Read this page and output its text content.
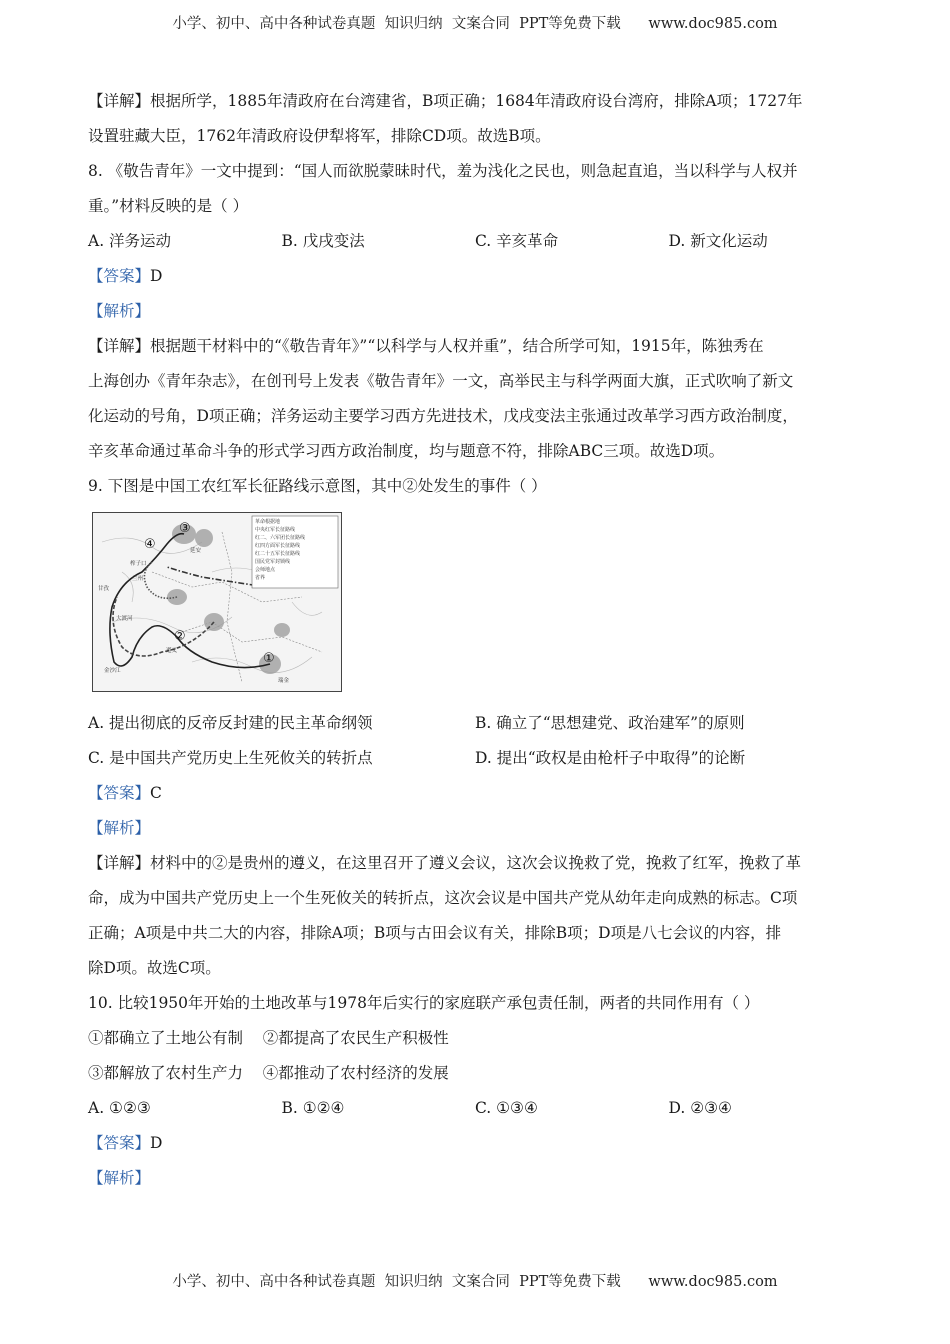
小学、初中、高中各种试卷真题  知识归纳  文案合同  PPT等免费下载      www.doc985.com
【详解】根据所学，1885年清政府在台湾建省，B项正确；1684年清政府设台湾府，排除A项；1727年
设置驻藏大臣，1762年清政府设伊犁将军，排除CD项。故选B项。
8. 《敬告青年》一文中提到：“国人而欲脱蒙昧时代，羞为浅化之民也，则急起直追，当以科学与人权并
重。”材料反映的是（ ）
A. 洋务运动	B. 戊戌变法	C. 辛亥革命	D. 新文化运动
【答案】D
【解析】
【详解】根据题干材料中的“《敬告青年》”“以科学与人权并重”，结合所学可知，1915年，陈独秀在
上海创办《青年杂志》，在创刊号上发表《敬告青年》一文，高举民主与科学两面大旗，正式吹响了新文
化运动的号角，D项正确；洋务运动主要学习西方先进技术，戊戌变法主张通过改革学习西方政治制度，
辛亥革命通过革命斗争的形式学习西方政治制度，均与题意不符，排除ABC三项。故选D项。
9. 下图是中国工农红军长征路线示意图，其中②处发生的事件（ ）
革命根据地
中央红军长征路线
红二、六军团长征路线
红四方面军长征路线
红二十五军长征路线
国民党军封锁线
会师地点
省界
榨子口
延安
甘孜
大渡河
遵义
瑞金
兰州
金沙江
①
②
③
④
A. 提出彻底的反帝反封建的民主革命纲领	B. 确立了“思想建党、政治建军”的原则
C. 是中国共产党历史上生死攸关的转折点	D. 提出“政权是由枪杆子中取得”的论断
【答案】C
【解析】
【详解】材料中的②是贵州的遵义，在这里召开了遵义会议，这次会议挽救了党，挽救了红军，挽救了革
命，成为中国共产党历史上一个生死攸关的转折点，这次会议是中国共产党从幼年走向成熟的标志。C项
正确；A项是中共二大的内容，排除A项；B项与古田会议有关，排除B项；D项是八七会议的内容，排
除D项。故选C项。
10. 比较1950年开始的土地改革与1978年后实行的家庭联产承包责任制，两者的共同作用有（ ）
①都确立了土地公有制    ②都提高了农民生产积极性
③都解放了农村生产力    ④都推动了农村经济的发展
A. ①②③	B. ①②④	C. ①③④	D. ②③④
【答案】D
【解析】
小学、初中、高中各种试卷真题  知识归纳  文案合同  PPT等免费下载      www.doc985.com
